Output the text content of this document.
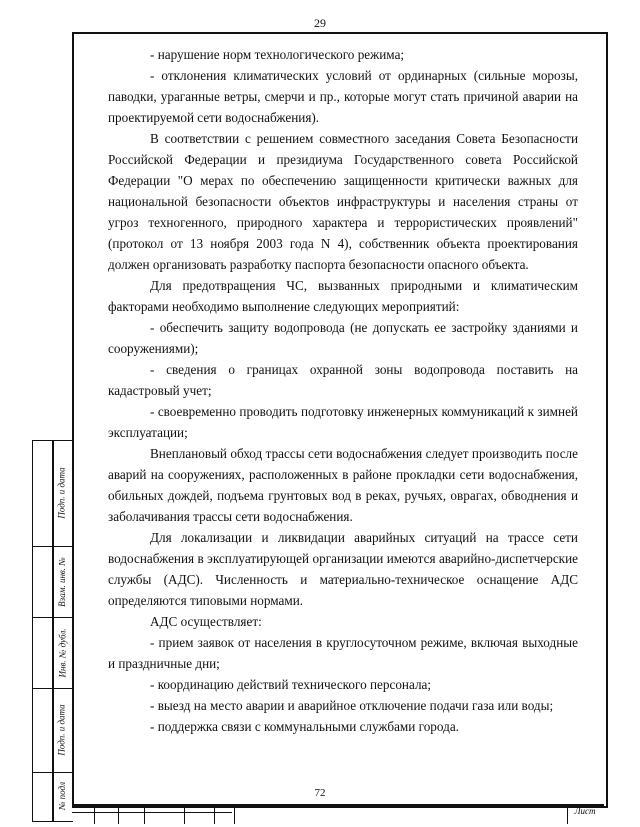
29

- нарушение норм технологического режима;

- отклонения климатических условий от ординарных (сильные морозы, паводки, ураганные ветры, смерчи и пр., которые могут стать причиной аварии на проектируемой сети водоснабжения).

В соответствии с решением совместного заседания Совета Безопасности Российской Федерации и президиума Государственного совета Российской Федерации "О мерах по обеспечению защищенности критически важных для национальной безопасности объектов инфраструктуры и населения страны от угроз техногенного, природного характера и террористических проявлений" (протокол от 13 ноября 2003 года N 4), собственник объекта проектирования должен организовать разработку паспорта безопасности опасного объекта.

Для предотвращения ЧС, вызванных природными и климатическим факторами необходимо выполнение следующих мероприятий:

- обеспечить защиту водопровода (не допускать ее застройку зданиями и сооружениями);

- сведения о границах охранной зоны водопровода поставить на кадастровый учет;

- своевременно проводить подготовку инженерных коммуникаций к зимней эксплуатации;

Внеплановый обход трассы сети водоснабжения следует производить после аварий на сооружениях, расположенных в районе прокладки сети водоснабжения, обильных дождей, подъема грунтовых вод в реках, ручьях, оврагах, обводнения и заболачивания трассы сети водоснабжения.

Для локализации и ликвидации аварийных ситуаций на трассе сети водоснабжения в эксплуатирующей организации имеются аварийно-диспетчерские службы (АДС). Численность и материально-техническое оснащение АДС определяются типовыми нормами.

АДС осуществляет:

- прием заявок от населения в круглосуточном режиме, включая выходные и праздничные дни;

- координацию действий технического персонала;

- выезд на место аварии и аварийное отключение подачи газа или воды;

- поддержка связи с коммунальными службами города.

72
Подп. и дата
Взам. инв. №
Инв. № дубл.
Подп. и дата
№ подл
Лист
